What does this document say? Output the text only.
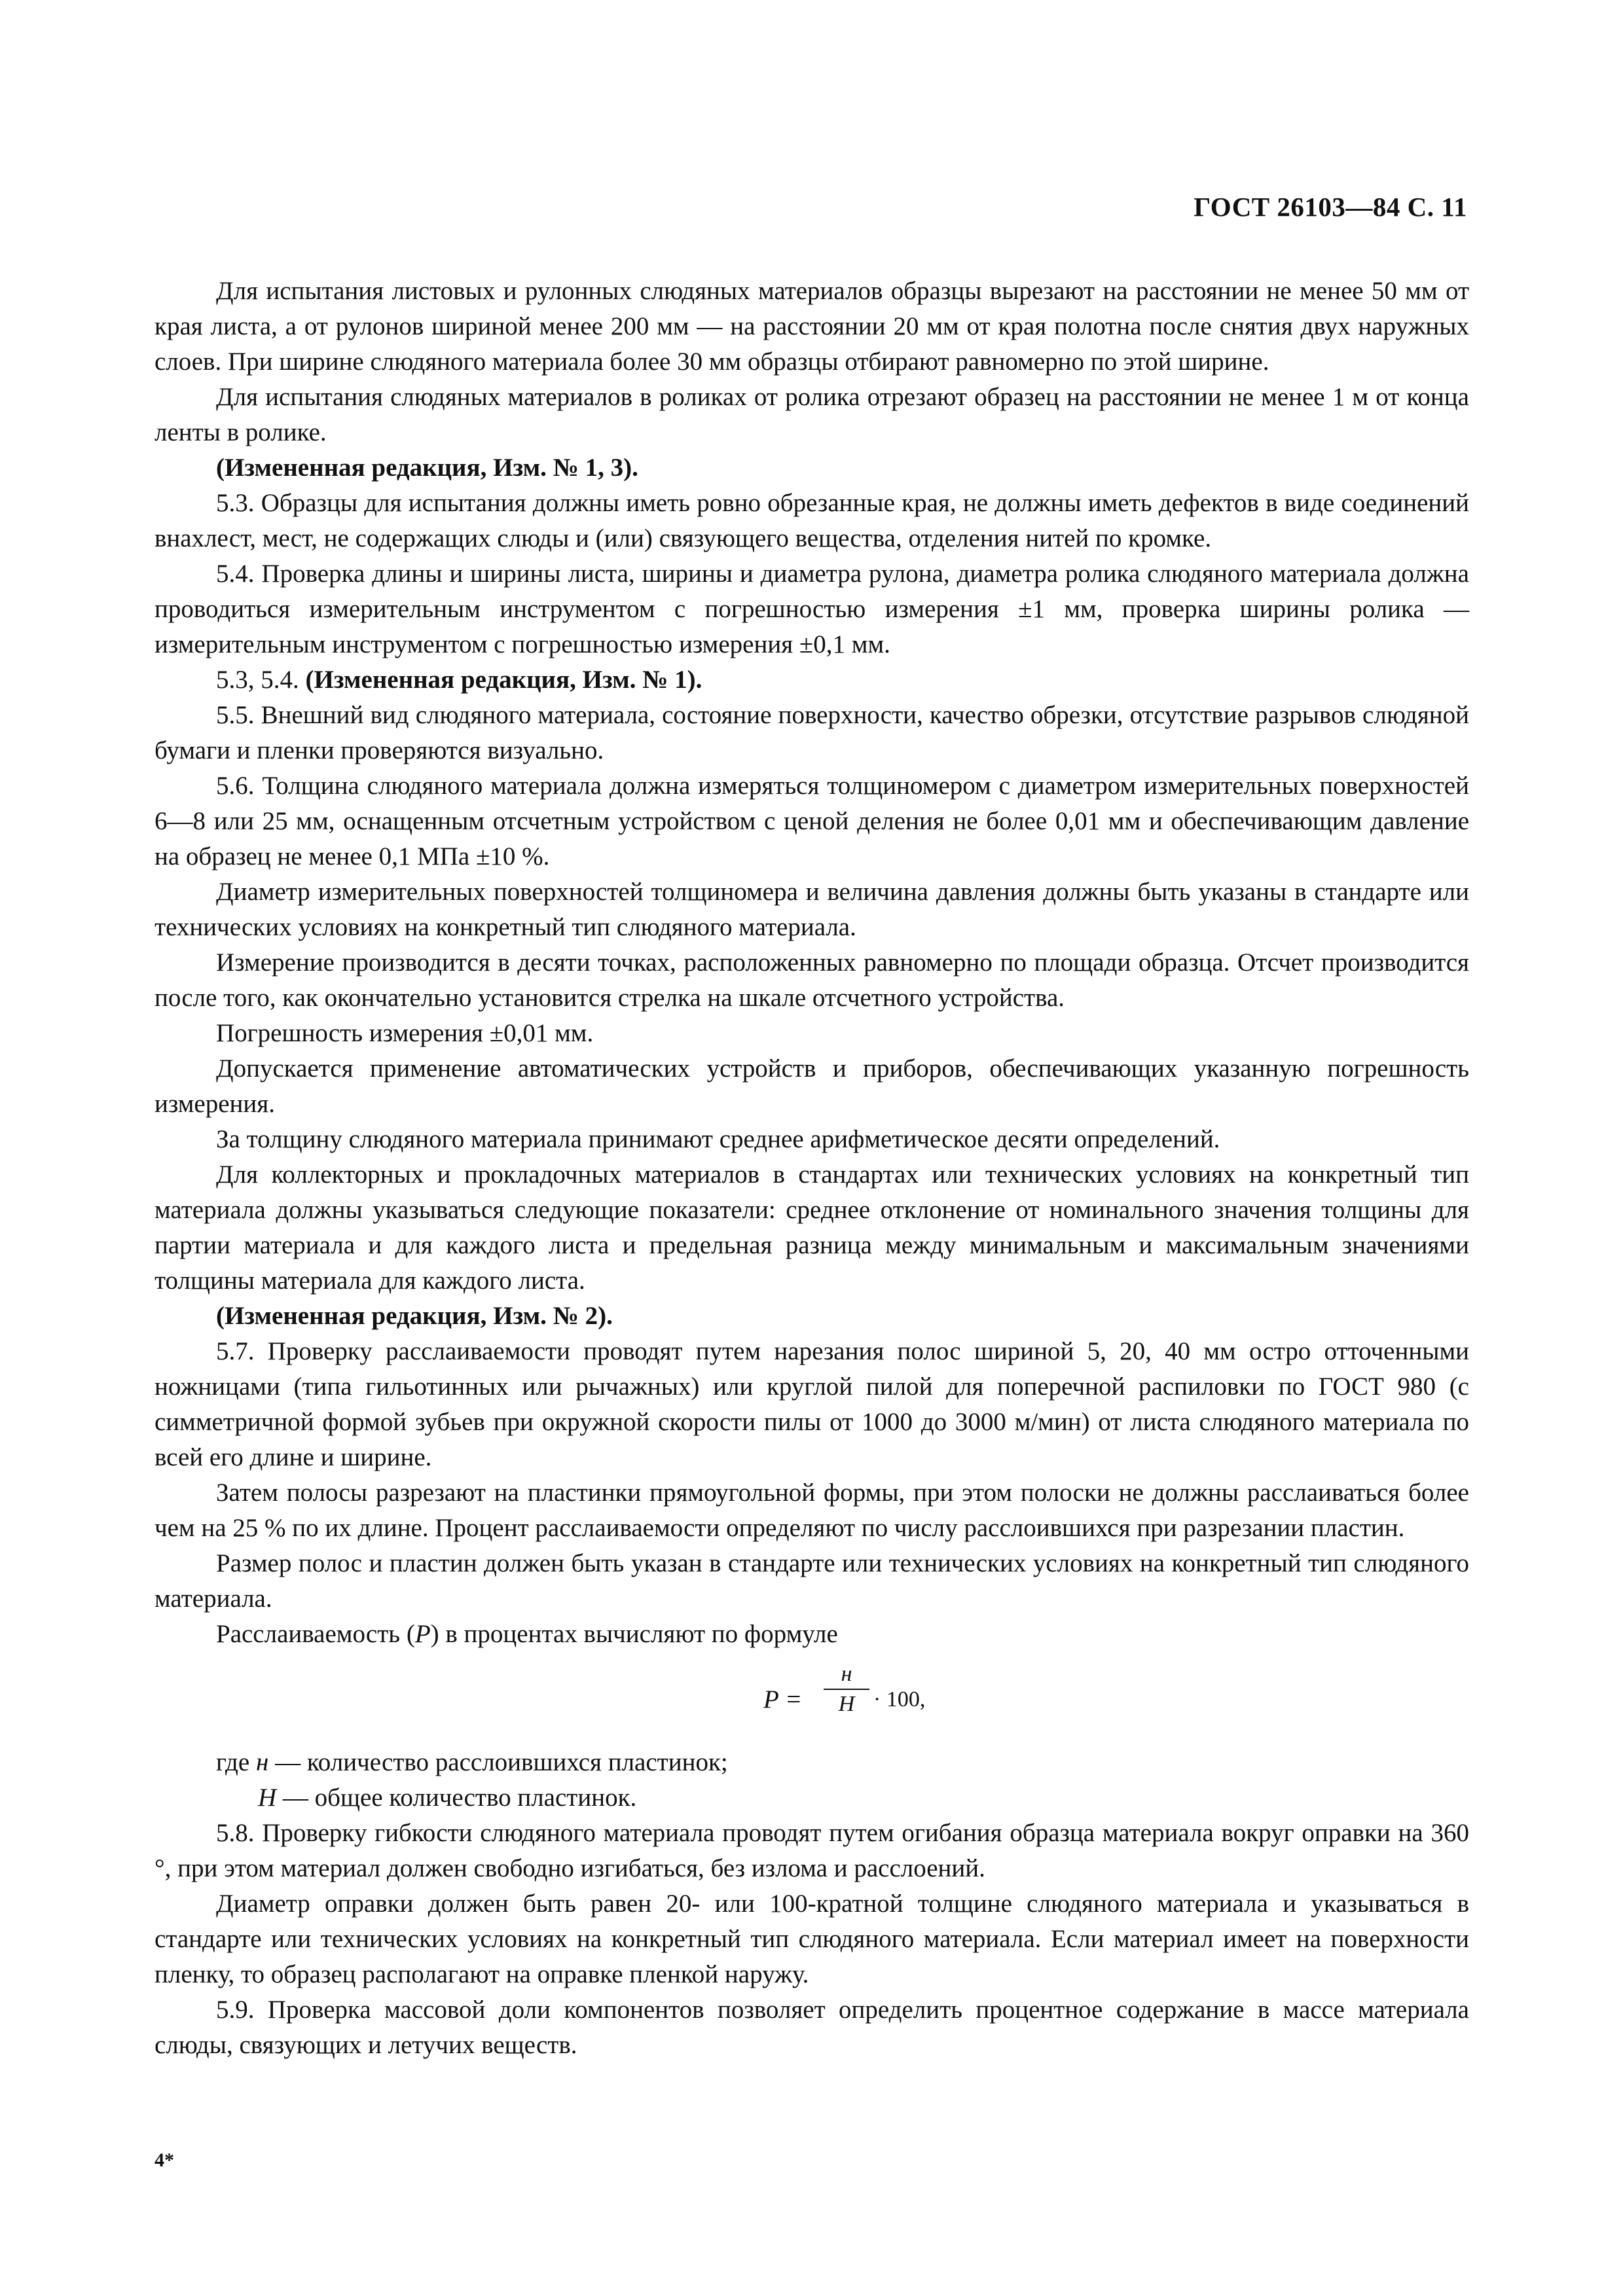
ГОСТ 26103—84 С. 11

Для испытания листовых и рулонных слюдяных материалов образцы вырезают на расстоянии не менее 50 мм от края листа, а от рулонов шириной менее 200 мм — на расстоянии 20 мм от края полотна после снятия двух наружных слоев. При ширине слюдяного материала более 30 мм образцы отбирают равномерно по этой ширине.

Для испытания слюдяных материалов в роликах от ролика отрезают образец на расстоянии не менее 1 м от конца ленты в ролике.

(Измененная редакция, Изм. № 1, 3).

5.3. Образцы для испытания должны иметь ровно обрезанные края, не должны иметь дефектов в виде соединений внахлест, мест, не содержащих слюды и (или) связующего вещества, отделения нитей по кромке.

5.4. Проверка длины и ширины листа, ширины и диаметра рулона, диаметра ролика слюдяного материала должна проводиться измерительным инструментом с погрешностью измерения ±1 мм, проверка ширины ролика — измерительным инструментом с погрешностью измерения ±0,1 мм.

5.3, 5.4. (Измененная редакция, Изм. № 1).

5.5. Внешний вид слюдяного материала, состояние поверхности, качество обрезки, отсутствие разрывов слюдяной бумаги и пленки проверяются визуально.

5.6. Толщина слюдяного материала должна измеряться толщиномером с диаметром измерительных поверхностей 6—8 или 25 мм, оснащенным отсчетным устройством с ценой деления не более 0,01 мм и обеспечивающим давление на образец не менее 0,1 МПа ±10 %.

Диаметр измерительных поверхностей толщиномера и величина давления должны быть указаны в стандарте или технических условиях на конкретный тип слюдяного материала.

Измерение производится в десяти точках, расположенных равномерно по площади образца. Отсчет производится после того, как окончательно установится стрелка на шкале отсчетного устройства.

Погрешность измерения ±0,01 мм.

Допускается применение автоматических устройств и приборов, обеспечивающих указанную погрешность измерения.

За толщину слюдяного материала принимают среднее арифметическое десяти определений.

Для коллекторных и прокладочных материалов в стандартах или технических условиях на конкретный тип материала должны указываться следующие показатели: среднее отклонение от номинального значения толщины для партии материала и для каждого листа и предельная разница между минимальным и максимальным значениями толщины материала для каждого листа.

(Измененная редакция, Изм. № 2).

5.7. Проверку расслаиваемости проводят путем нарезания полос шириной 5, 20, 40 мм остро отточенными ножницами (типа гильотинных или рычажных) или круглой пилой для поперечной распиловки по ГОСТ 980 (с симметричной формой зубьев при окружной скорости пилы от 1000 до 3000 м/мин) от листа слюдяного материала по всей его длине и ширине.

Затем полосы разрезают на пластинки прямоугольной формы, при этом полоски не должны расслаиваться более чем на 25 % по их длине. Процент расслаиваемости определяют по числу расслоившихся при разрезании пластин.

Размер полос и пластин должен быть указан в стандарте или технических условиях на конкретный тип слюдяного материала.

Расслаиваемость (P) в процентах вычисляют по формуле

P =
н
Н · 100,

где н — количество расслоившихся пластинок;

Н — общее количество пластинок.

5.8. Проверку гибкости слюдяного материала проводят путем огибания образца материала вокруг оправки на 360 °, при этом материал должен свободно изгибаться, без излома и расслоений.

Диаметр оправки должен быть равен 20- или 100-кратной толщине слюдяного материала и указываться в стандарте или технических условиях на конкретный тип слюдяного материала. Если материал имеет на поверхности пленку, то образец располагают на оправке пленкой наружу.

5.9. Проверка массовой доли компонентов позволяет определить процентное содержание в массе материала слюды, связующих и летучих веществ.

4*
